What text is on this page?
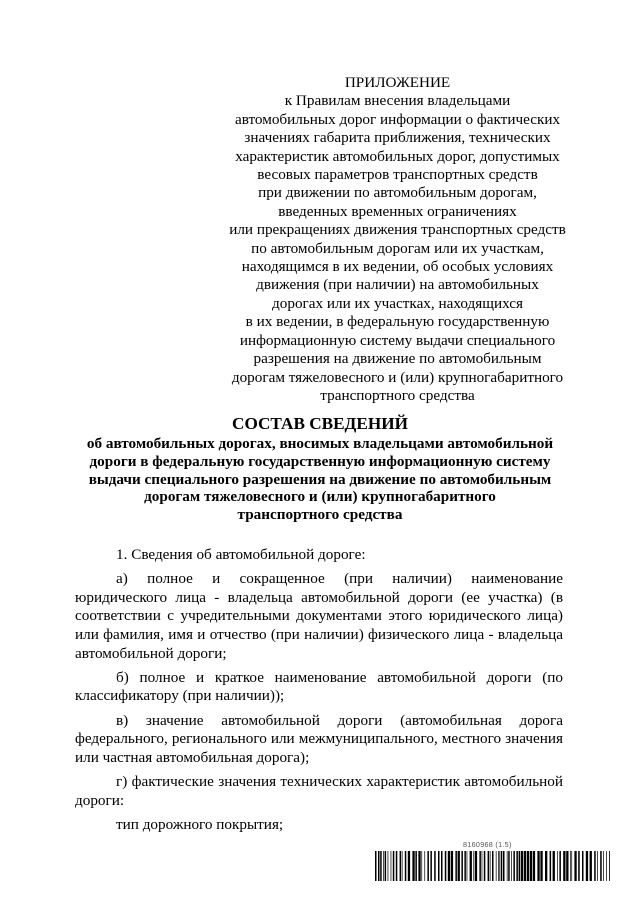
ПРИЛОЖЕНИЕ
к Правилам внесения владельцами
автомобильных дорог информации о фактических
значениях габарита приближения, технических
характеристик автомобильных дорог, допустимых
весовых параметров транспортных средств
при движении по автомобильным дорогам,
введенных временных ограничениях
или прекращениях движения транспортных средств
по автомобильным дорогам или их участкам,
находящимся в их ведении, об особых условиях
движения (при наличии) на автомобильных
дорогах или их участках, находящихся
в их ведении, в федеральную государственную
информационную систему выдачи специального
разрешения на движение по автомобильным
дорогам тяжеловесного и (или) крупногабаритного
транспортного средства
СОСТАВ СВЕДЕНИЙ
об автомобильных дорогах, вносимых владельцами автомобильной
дороги в федеральную государственную информационную систему
выдачи специального разрешения на движение по автомобильным
дорогам тяжеловесного и (или) крупногабаритного
транспортного средства

1. Сведения об автомобильной дороге:

а) полное и сокращенное (при наличии) наименование юридического лица - владельца автомобильной дороги (ее участка) (в соответствии с учредительными документами этого юридического лица) или фамилия, имя и отчество (при наличии) физического лица - владельца автомобильной дороги;

б) полное и краткое наименование автомобильной дороги (по классификатору (при наличии));

в) значение автомобильной дороги (автомобильная дорога федерального, регионального или межмуниципального, местного значения или частная автомобильная дорога);

г) фактические значения технических характеристик автомобильной дороги:

тип дорожного покрытия;

8160968 (1.5)
